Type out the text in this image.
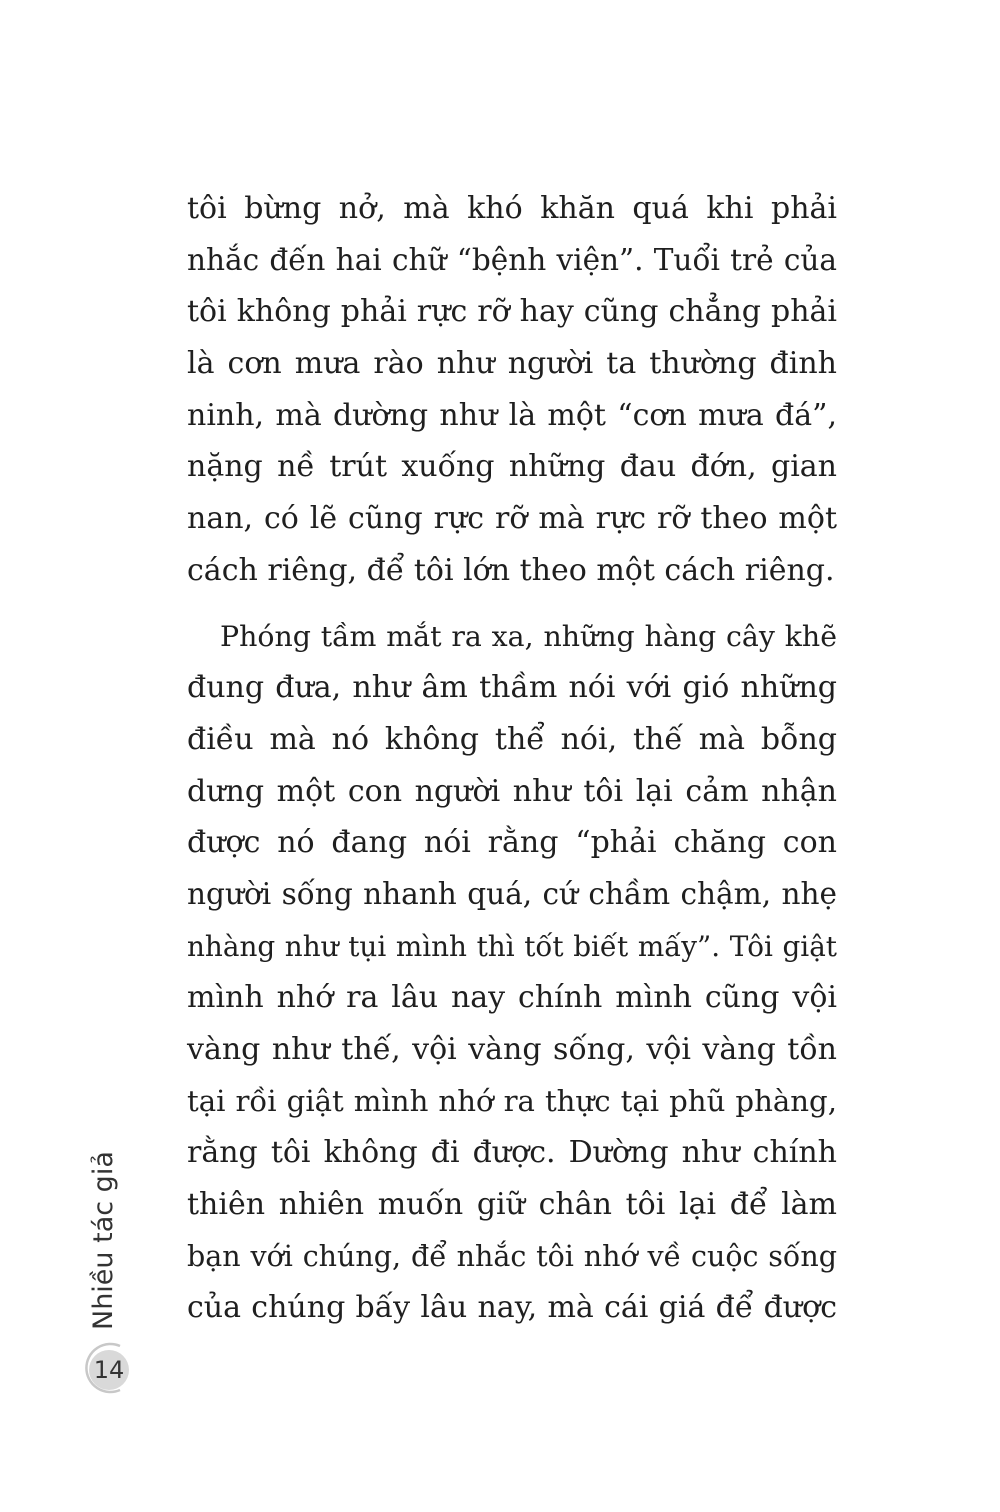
tôi bừng nở, mà khó khăn quá khi phải
nhắc đến hai chữ “bệnh viện”. Tuổi trẻ của
tôi không phải rực rỡ hay cũng chẳng phải
là cơn mưa rào như người ta thường đinh
ninh, mà dường như là một “cơn mưa đá”,
nặng nề trút xuống những đau đớn, gian
nan, có lẽ cũng rực rỡ mà rực rỡ theo một
cách riêng, để tôi lớn theo một cách riêng.
Phóng tầm mắt ra xa, những hàng cây khẽ
đung đưa, như âm thầm nói với gió những
điều mà nó không thể nói, thế mà bỗng
dưng một con người như tôi lại cảm nhận
được nó đang nói rằng “phải chăng con
người sống nhanh quá, cứ chầm chậm, nhẹ
nhàng như tụi mình thì tốt biết mấy”. Tôi giật
mình nhớ ra lâu nay chính mình cũng vội
vàng như thế, vội vàng sống, vội vàng tồn
tại rồi giật mình nhớ ra thực tại phũ phàng,
rằng tôi không đi được. Dường như chính
thiên nhiên muốn giữ chân tôi lại để làm
bạn với chúng, để nhắc tôi nhớ về cuộc sống
của chúng bấy lâu nay, mà cái giá để được
Nhiều tác giả
14
